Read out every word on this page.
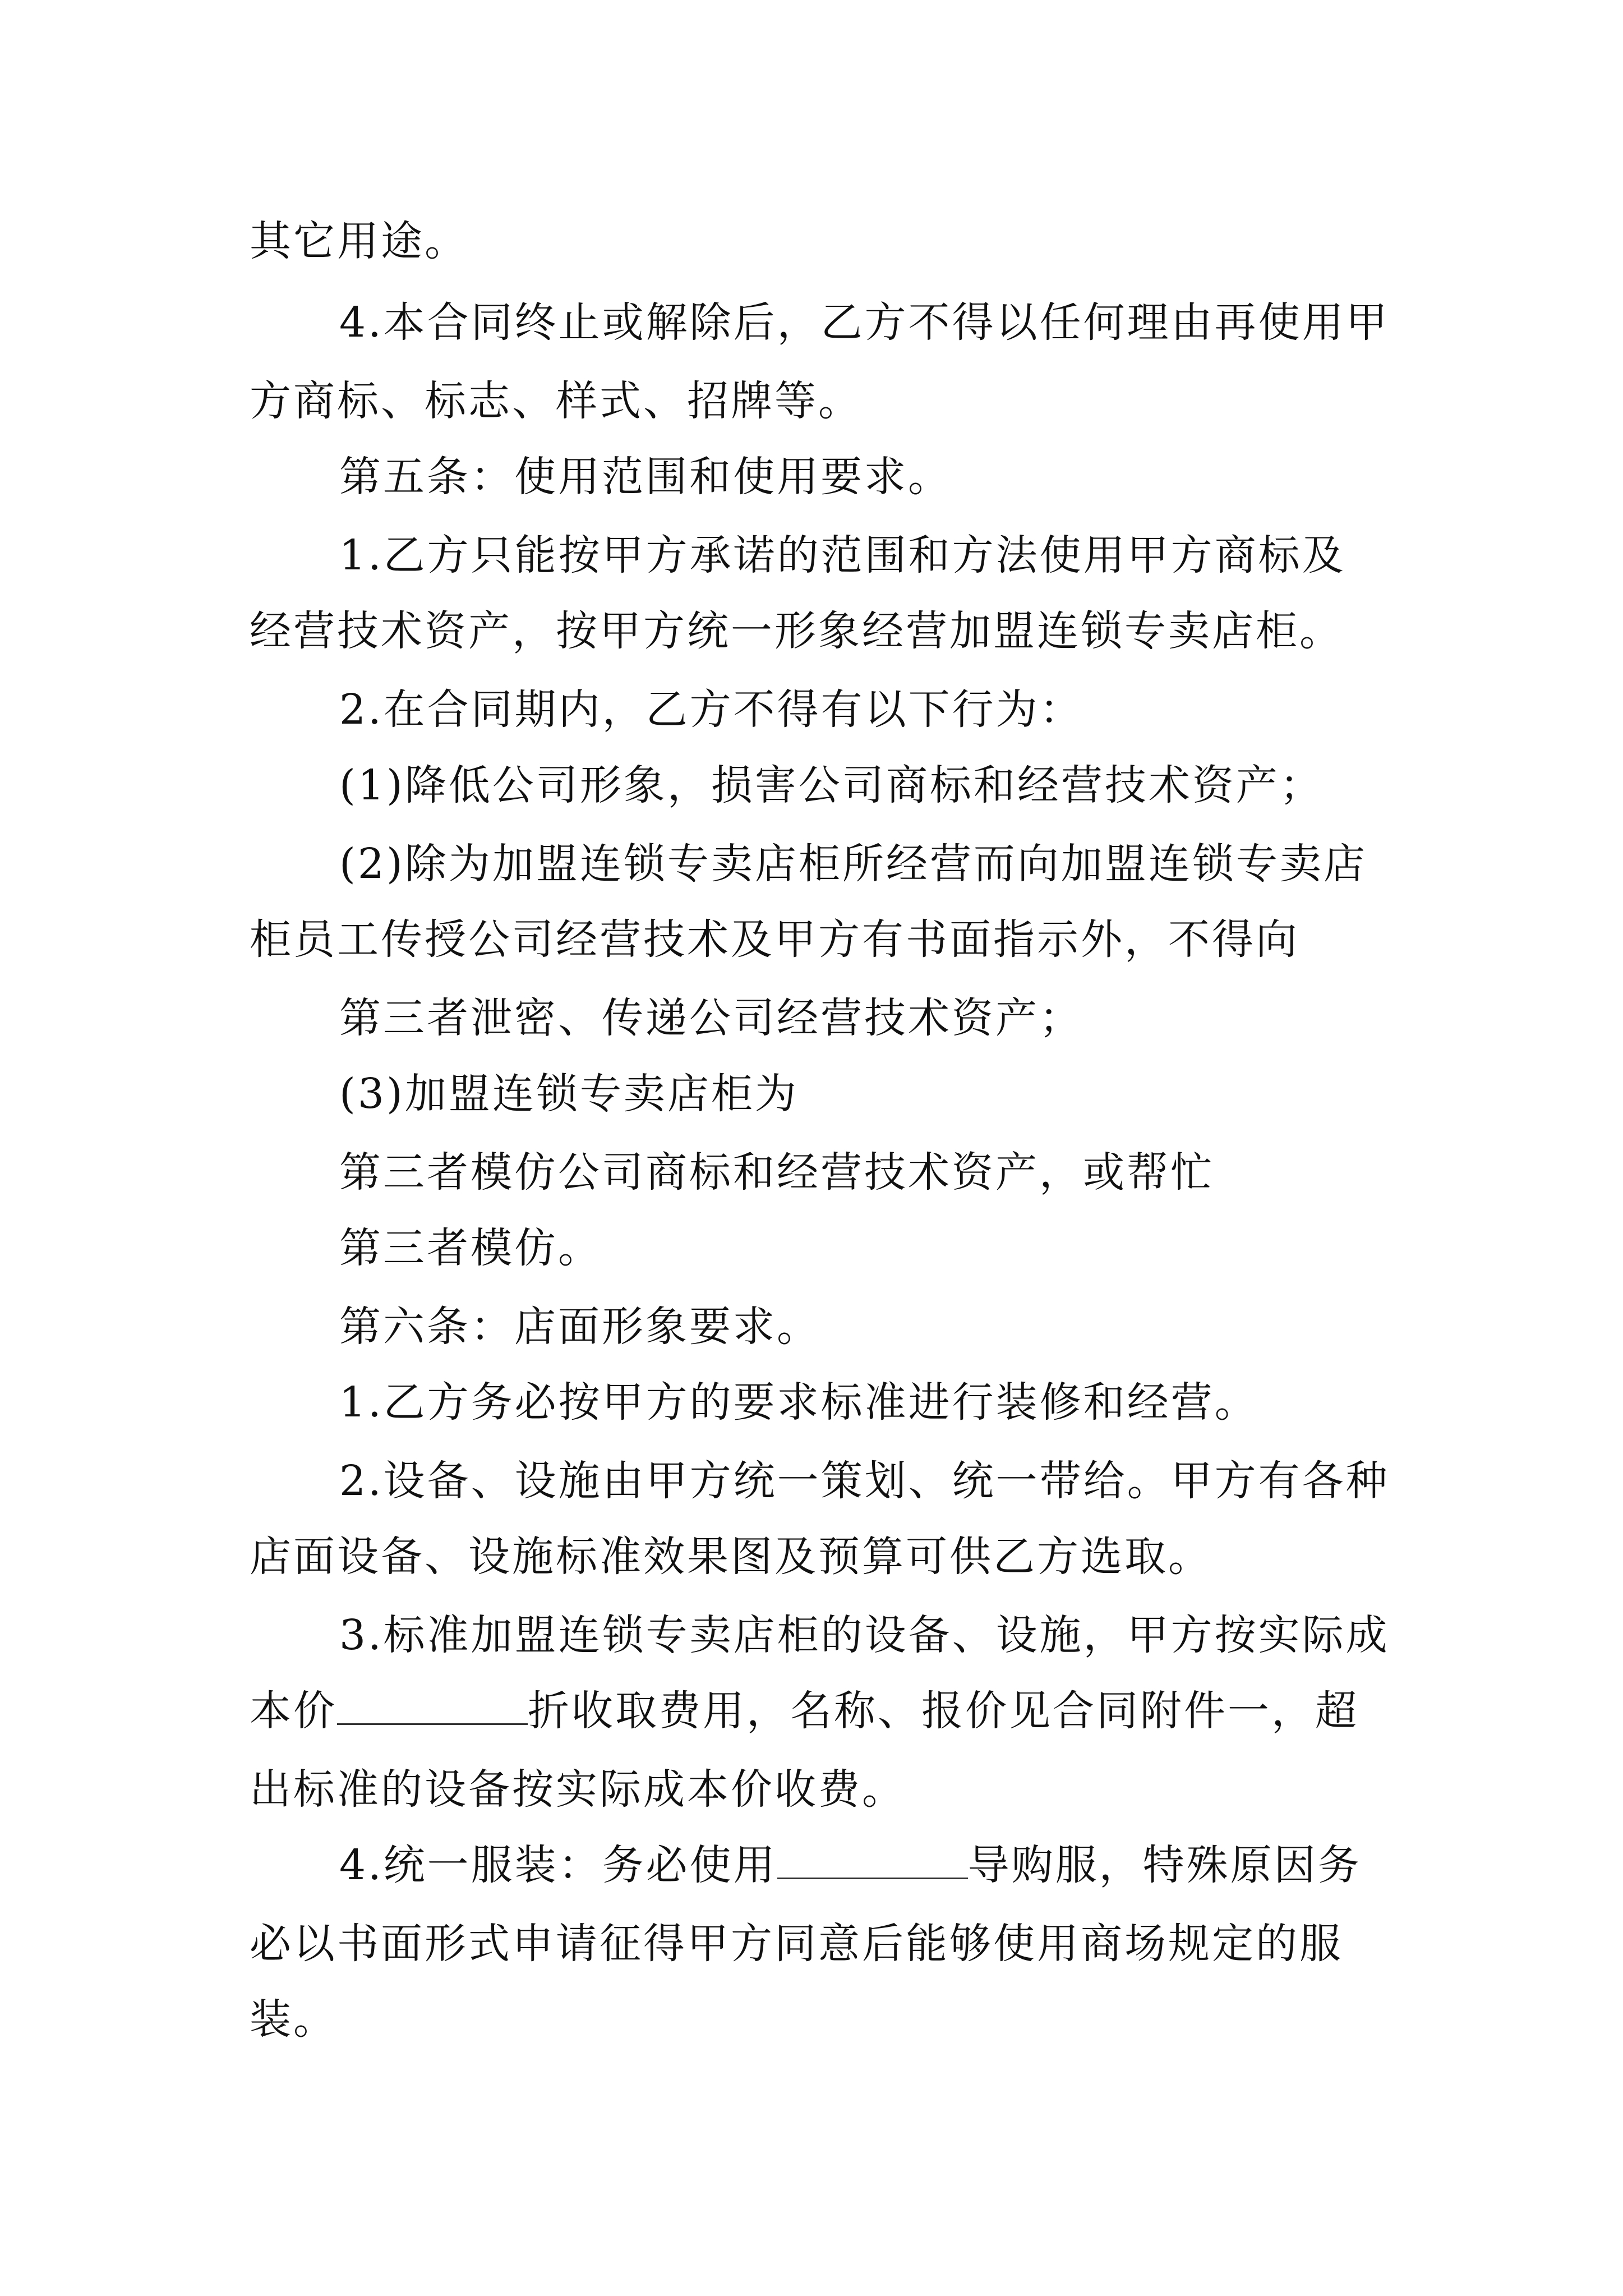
其它用途。
4.本合同终止或解除后，乙方不得以任何理由再使用甲
方商标、标志、样式、招牌等。
第五条：使用范围和使用要求。
1.乙方只能按甲方承诺的范围和方法使用甲方商标及
经营技术资产，按甲方统一形象经营加盟连锁专卖店柜。
2.在合同期内，乙方不得有以下行为：
(1)降低公司形象，损害公司商标和经营技术资产；
(2)除为加盟连锁专卖店柜所经营而向加盟连锁专卖店
柜员工传授公司经营技术及甲方有书面指示外，不得向
第三者泄密、传递公司经营技术资产；
(3)加盟连锁专卖店柜为
第三者模仿公司商标和经营技术资产，或帮忙
第三者模仿。
第六条：店面形象要求。
1.乙方务必按甲方的要求标准进行装修和经营。
2.设备、设施由甲方统一策划、统一带给。甲方有各种
店面设备、设施标准效果图及预算可供乙方选取。
3.标准加盟连锁专卖店柜的设备、设施，甲方按实际成
本价	折收取费用，名称、报价见合同附件一，超
出标准的设备按实际成本价收费。
4.统一服装：务必使用	导购服，特殊原因务
必以书面形式申请征得甲方同意后能够使用商场规定的服
装。
